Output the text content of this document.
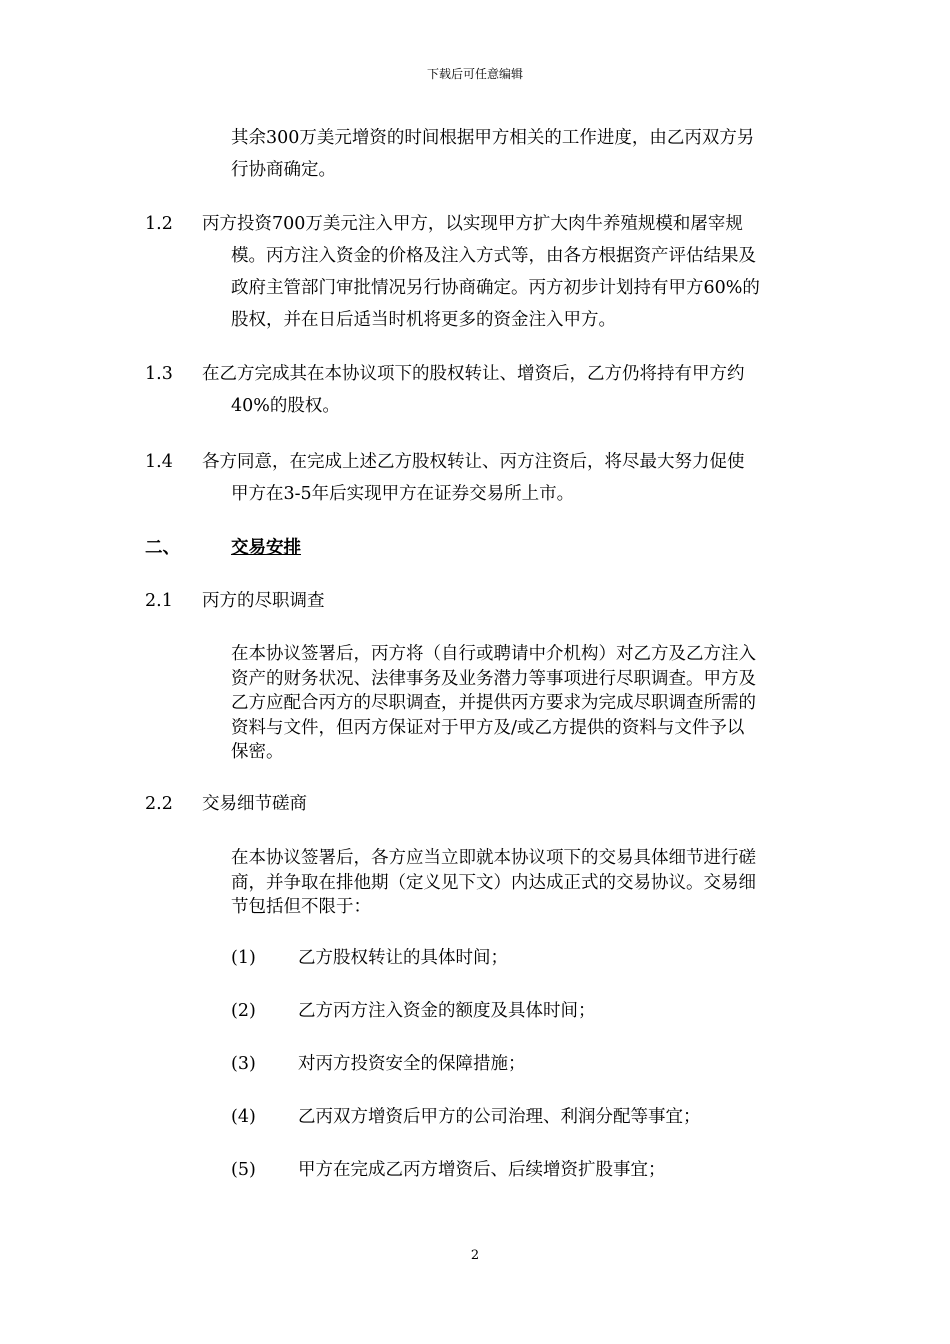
下载后可任意编辑
其余300万美元增资的时间根据甲方相关的工作进度，由乙丙双方另
行协商确定。
1.2 丙方投资700万美元注入甲方，以实现甲方扩大肉牛养殖规模和屠宰规
模。丙方注入资金的价格及注入方式等，由各方根据资产评估结果及
政府主管部门审批情况另行协商确定。丙方初步计划持有甲方60%的
股权，并在日后适当时机将更多的资金注入甲方。
1.3 在乙方完成其在本协议项下的股权转让、增资后，乙方仍将持有甲方约
40%的股权。
1.4 各方同意，在完成上述乙方股权转让、丙方注资后，将尽最大努力促使
甲方在3-5年后实现甲方在证券交易所上市。
二、	交易安排
2.1 丙方的尽职调查
在本协议签署后，丙方将（自行或聘请中介机构）对乙方及乙方注入
资产的财务状况、法律事务及业务潜力等事项进行尽职调查。甲方及
乙方应配合丙方的尽职调查，并提供丙方要求为完成尽职调查所需的
资料与文件，但丙方保证对于甲方及/或乙方提供的资料与文件予以
保密。
2.2 交易细节磋商
在本协议签署后，各方应当立即就本协议项下的交易具体细节进行磋
商，并争取在排他期（定义见下文）内达成正式的交易协议。交易细
节包括但不限于：
(1) 乙方股权转让的具体时间；
(2) 乙方丙方注入资金的额度及具体时间；
(3) 对丙方投资安全的保障措施；
(4) 乙丙双方增资后甲方的公司治理、利润分配等事宜；
(5) 甲方在完成乙丙方增资后、后续增资扩股事宜；
2
